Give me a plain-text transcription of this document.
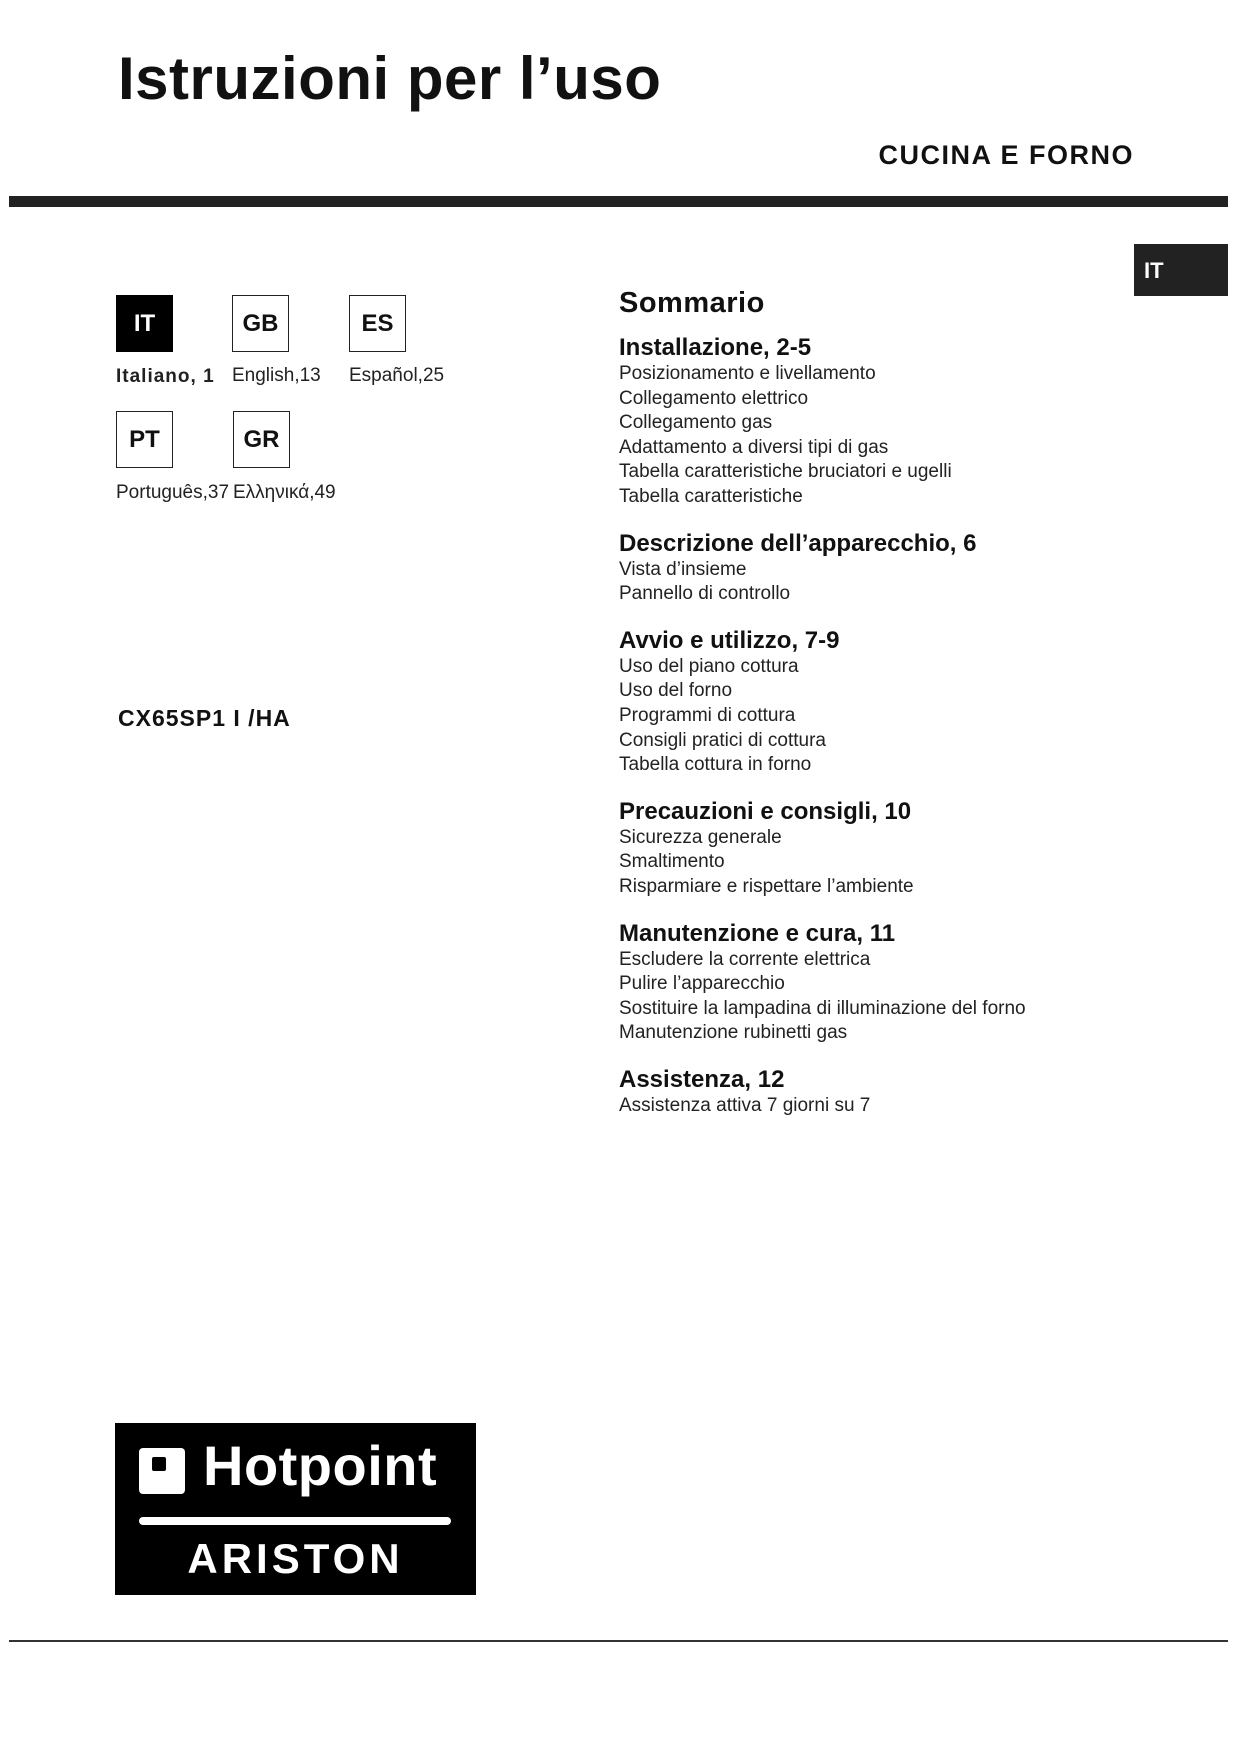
Istruzioni per l’uso
CUCINA E FORNO
IT
IT
Italiano, 1
GB
English,13
ES
Español,25
PT
Português,37
GR
Ελληνικά,49
CX65SP1 I /HA
Sommario
Installazione, 2-5
Posizionamento e livellamento
Collegamento elettrico
Collegamento gas
Adattamento a diversi tipi di gas
Tabella caratteristiche bruciatori e ugelli
Tabella caratteristiche
Descrizione dell’apparecchio, 6
Vista d’insieme
Pannello di controllo
Avvio e utilizzo, 7-9
Uso del piano cottura
Uso del forno
Programmi di cottura
Consigli pratici di cottura
Tabella cottura in forno
Precauzioni e consigli, 10
Sicurezza generale
Smaltimento
Risparmiare e rispettare l’ambiente
Manutenzione e cura, 11
Escludere la corrente elettrica
Pulire l’apparecchio
Sostituire la lampadina di illuminazione del forno
Manutenzione rubinetti gas
Assistenza, 12
Assistenza attiva 7 giorni su 7
Hotpoint
ARISTON
